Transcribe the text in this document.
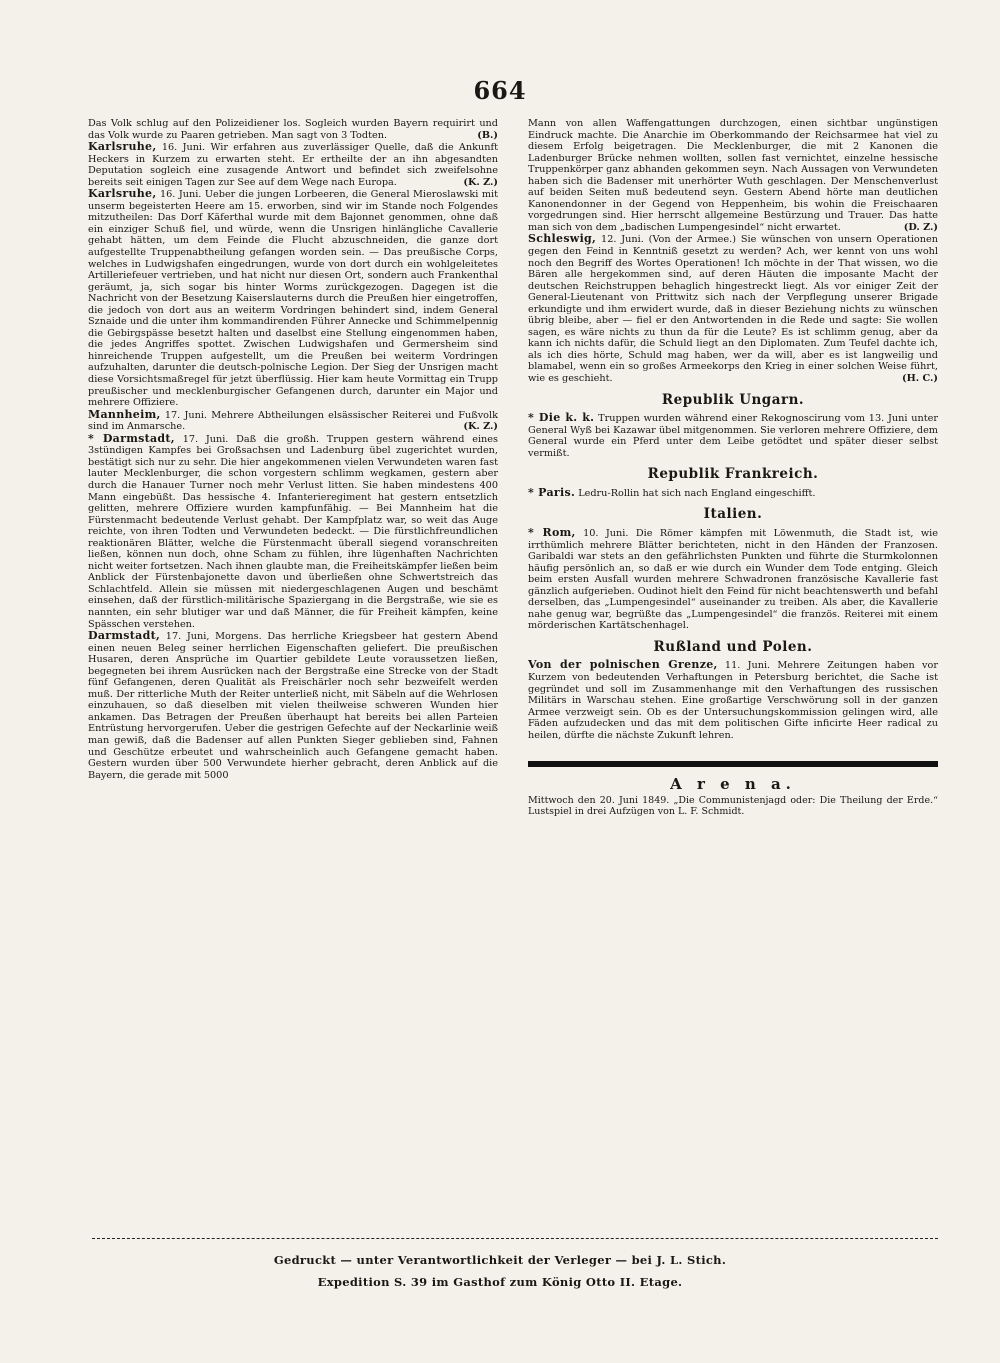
664
Das Volk schlug auf den Polizeidiener los. Sogleich wurden Bayern requirirt und das Volk wurde zu Paaren getrieben. Man sagt von 3 Todten.	(B.)
Karlsruhe, 16. Juni. Wir erfahren aus zuverlässiger Quelle, daß die Ankunft Heckers in Kurzem zu erwarten steht. Er ertheilte der an ihn abgesandten Deputation sogleich eine zusagende Antwort und befindet sich zweifelsohne bereits seit einigen Tagen zur See auf dem Wege nach Europa.	(K. Z.)
Karlsruhe, 16. Juni. Ueber die jungen Lorbeeren, die General Mieroslawski mit unserm begeisterten Heere am 15. erworben, sind wir im Stande noch Folgendes mitzutheilen: Das Dorf Käferthal wurde mit dem Bajonnet genommen, ohne daß ein einziger Schuß fiel, und würde, wenn die Unsrigen hinlängliche Cavallerie gehabt hätten, um dem Feinde die Flucht abzuschneiden, die ganze dort aufgestellte Truppenabtheilung gefangen worden sein. — Das preußische Corps, welches in Ludwigshafen eingedrungen, wurde von dort durch ein wohlgeleitetes Artilleriefeuer vertrieben, und hat nicht nur diesen Ort, sondern auch Frankenthal geräumt, ja, sich sogar bis hinter Worms zurückgezogen. Dagegen ist die Nachricht von der Besetzung Kaiserslauterns durch die Preußen hier eingetroffen, die jedoch von dort aus an weiterm Vordringen behindert sind, indem General Sznaide und die unter ihm kommandirenden Führer Annecke und Schimmelpennig die Gebirgspässe besetzt halten und daselbst eine Stellung eingenommen haben, die jedes Angriffes spottet. Zwischen Ludwigshafen und Germersheim sind hinreichende Truppen aufgestellt, um die Preußen bei weiterm Vordringen aufzuhalten, darunter die deutsch-polnische Legion. Der Sieg der Unsrigen macht diese Vorsichtsmaßregel für jetzt überflüssig. Hier kam heute Vormittag ein Trupp preußischer und mecklenburgischer Gefangenen durch, darunter ein Major und mehrere Offiziere.
Mannheim, 17. Juni. Mehrere Abtheilungen elsässischer Reiterei und Fußvolk sind im Anmarsche.	(K. Z.)
* Darmstadt, 17. Juni. Daß die großh. Truppen gestern während eines 3stündigen Kampfes bei Großsachsen und Ladenburg übel zugerichtet wurden, bestätigt sich nur zu sehr. Die hier angekommenen vielen Verwundeten waren fast lauter Mecklenburger, die schon vorgestern schlimm wegkamen, gestern aber durch die Hanauer Turner noch mehr Verlust litten. Sie haben mindestens 400 Mann eingebüßt. Das hessische 4. Infanterieregiment hat gestern entsetzlich gelitten, mehrere Offiziere wurden kampfunfähig. — Bei Mannheim hat die Fürstenmacht bedeutende Verlust gehabt. Der Kampfplatz war, so weit das Auge reichte, von ihren Todten und Verwundeten bedeckt. — Die fürstlichfreundlichen reaktionären Blätter, welche die Fürstenmacht überall siegend voranschreiten ließen, können nun doch, ohne Scham zu fühlen, ihre lügenhaften Nachrichten nicht weiter fortsetzen. Nach ihnen glaubte man, die Freiheitskämpfer ließen beim Anblick der Fürstenbajonette davon und überließen ohne Schwertstreich das Schlachtfeld. Allein sie müssen mit niedergeschlagenen Augen und beschämt einsehen, daß der fürstlich-militärische Spaziergang in die Bergstraße, wie sie es nannten, ein sehr blutiger war und daß Männer, die für Freiheit kämpfen, keine Spässchen verstehen.
Darmstadt, 17. Juni, Morgens. Das herrliche Kriegsbeer hat gestern Abend einen neuen Beleg seiner herrlichen Eigenschaften geliefert. Die preußischen Husaren, deren Ansprüche im Quartier gebildete Leute voraussetzen ließen, begegneten bei ihrem Ausrücken nach der Bergstraße eine Strecke von der Stadt fünf Gefangenen, deren Qualität als Freischärler noch sehr bezweifelt werden muß. Der ritterliche Muth der Reiter unterließ nicht, mit Säbeln auf die Wehrlosen einzuhauen, so daß dieselben mit vielen theilweise schweren Wunden hier ankamen. Das Betragen der Preußen überhaupt hat bereits bei allen Parteien Entrüstung hervorgerufen. Ueber die gestrigen Gefechte auf der Neckarlinie weiß man gewiß, daß die Badenser auf allen Punkten Sieger geblieben sind, Fahnen und Geschütze erbeutet und wahrscheinlich auch Gefangene gemacht haben. Gestern wurden über 500 Verwundete hierher gebracht, deren Anblick auf die Bayern, die gerade mit 5000
Mann von allen Waffengattungen durchzogen, einen sichtbar ungünstigen Eindruck machte. Die Anarchie im Oberkommando der Reichsarmee hat viel zu diesem Erfolg beigetragen. Die Mecklenburger, die mit 2 Kanonen die Ladenburger Brücke nehmen wollten, sollen fast vernichtet, einzelne hessische Truppenkörper ganz abhanden gekommen seyn. Nach Aussagen von Verwundeten haben sich die Badenser mit unerhörter Wuth geschlagen. Der Menschenverlust auf beiden Seiten muß bedeutend seyn. Gestern Abend hörte man deutlichen Kanonendonner in der Gegend von Heppenheim, bis wohin die Freischaaren vorgedrungen sind. Hier herrscht allgemeine Bestürzung und Trauer. Das hatte man sich von dem „badischen Lumpengesindel“ nicht erwartet.	(D. Z.)
Schleswig, 12. Juni. (Von der Armee.) Sie wünschen von unsern Operationen gegen den Feind in Kenntniß gesetzt zu werden? Ach, wer kennt von uns wohl noch den Begriff des Wortes Operationen! Ich möchte in der That wissen, wo die Bären alle hergekommen sind, auf deren Häuten die imposante Macht der deutschen Reichstruppen behaglich hingestreckt liegt. Als vor einiger Zeit der General-Lieutenant von Prittwitz sich nach der Verpflegung unserer Brigade erkundigte und ihm erwidert wurde, daß in dieser Beziehung nichts zu wünschen übrig bleibe, aber — fiel er den Antwortenden in die Rede und sagte: Sie wollen sagen, es wäre nichts zu thun da für die Leute? Es ist schlimm genug, aber da kann ich nichts dafür, die Schuld liegt an den Diplomaten. Zum Teufel dachte ich, als ich dies hörte, Schuld mag haben, wer da will, aber es ist langweilig und blamabel, wenn ein so großes Armeekorps den Krieg in einer solchen Weise führt, wie es geschieht.	(H. C.)
Republik Ungarn.
* Die k. k. Truppen wurden während einer Rekognoscirung vom 13. Juni unter General Wyß bei Kazawar übel mitgenommen. Sie verloren mehrere Offiziere, dem General wurde ein Pferd unter dem Leibe getödtet und später dieser selbst vermißt.
Republik Frankreich.
* Paris. Ledru-Rollin hat sich nach England eingeschifft.
Italien.
* Rom, 10. Juni. Die Römer kämpfen mit Löwenmuth, die Stadt ist, wie irrthümlich mehrere Blätter berichteten, nicht in den Händen der Franzosen. Garibaldi war stets an den gefährlichsten Punkten und führte die Sturmkolonnen häufig persönlich an, so daß er wie durch ein Wunder dem Tode entging. Gleich beim ersten Ausfall wurden mehrere Schwadronen französische Kavallerie fast gänzlich aufgerieben. Oudinot hielt den Feind für nicht beachtenswerth und befahl derselben, das „Lumpengesindel“ auseinander zu treiben. Als aber, die Kavallerie nahe genug war, begrüßte das „Lumpengesindel“ die französ. Reiterei mit einem mörderischen Kartätschenhagel.
Rußland und Polen.
Von der polnischen Grenze, 11. Juni. Mehrere Zeitungen haben vor Kurzem von bedeutenden Verhaftungen in Petersburg berichtet, die Sache ist gegründet und soll im Zusammenhange mit den Verhaftungen des russischen Militärs in Warschau stehen. Eine großartige Verschwörung soll in der ganzen Armee verzweigt sein. Ob es der Untersuchungskommission gelingen wird, alle Fäden aufzudecken und das mit dem politischen Gifte inficirte Heer radical zu heilen, dürfte die nächste Zukunft lehren.
A r e n a.
Mittwoch den 20. Juni 1849. „Die Communistenjagd oder: Die Theilung der Erde.“ Lustspiel in drei Aufzügen von L. F. Schmidt.
Gedruckt — unter Verantwortlichkeit der Verleger — bei J. L. Stich.
Expedition S. 39 im Gasthof zum König Otto II. Etage.
